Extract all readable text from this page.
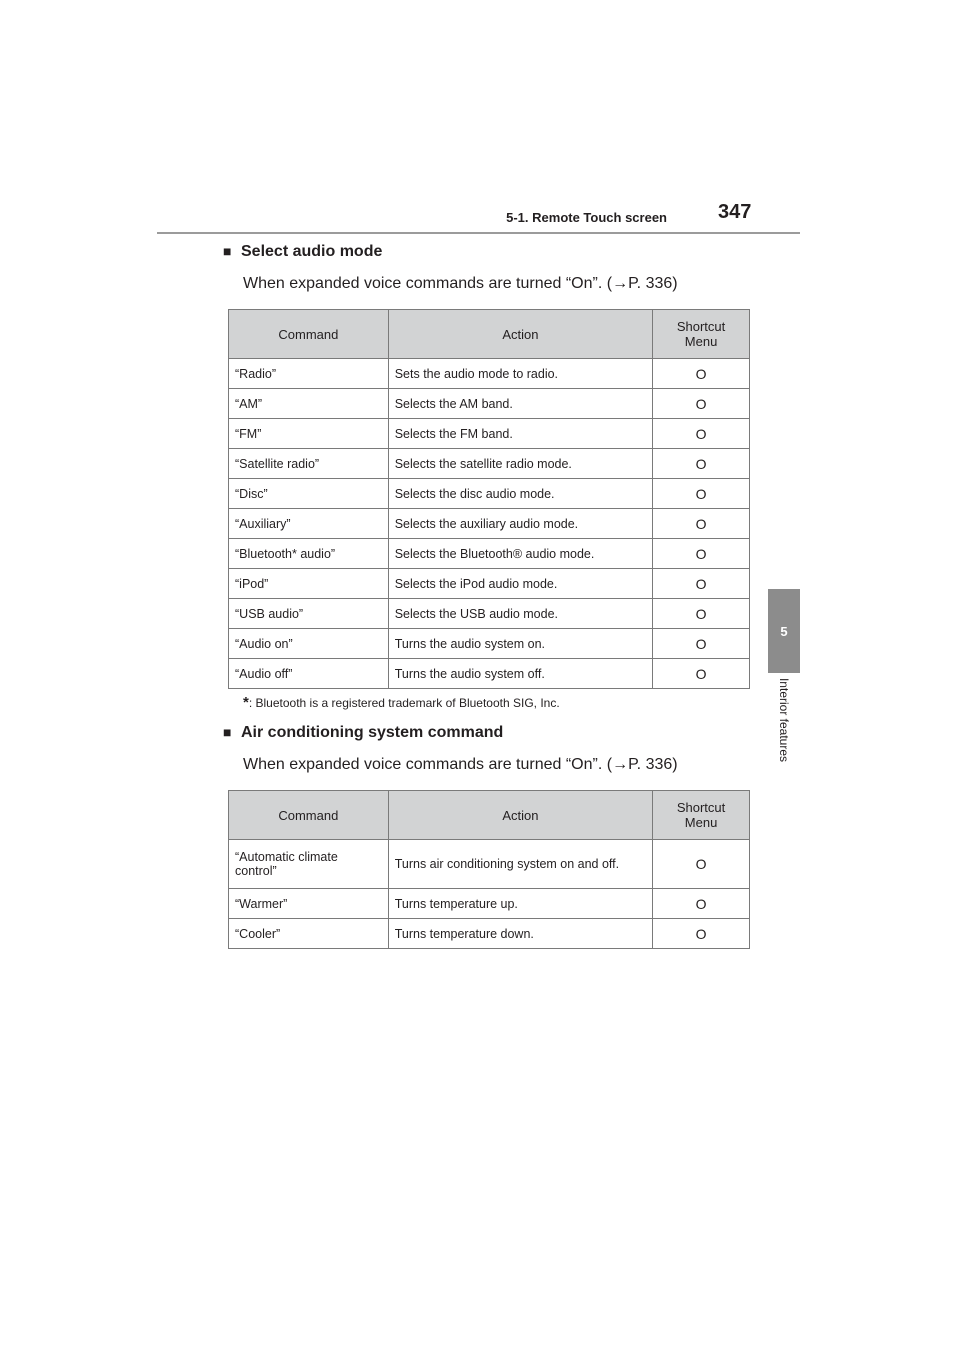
5-1. Remote Touch screen	347
5
Interior features
■ Select audio mode
When expanded voice commands are turned “On”. (→P. 336)
Command	Action	Shortcut Menu
“Radio”	Sets the audio mode to radio.	O
“AM”	Selects the AM band.	O
“FM”	Selects the FM band.	O
“Satellite radio”	Selects the satellite radio mode.	O
“Disc”	Selects the disc audio mode.	O
“Auxiliary”	Selects the auxiliary audio mode.	O
“Bluetooth* audio”	Selects the Bluetooth® audio mode.	O
“iPod”	Selects the iPod audio mode.	O
“USB audio”	Selects the USB audio mode.	O
“Audio on”	Turns the audio system on.	O
“Audio off”	Turns the audio system off.	O
*: Bluetooth is a registered trademark of Bluetooth SIG, Inc.
■ Air conditioning system command
When expanded voice commands are turned “On”. (→P. 336)
Command	Action	Shortcut Menu
“Automatic climate control”	Turns air conditioning system on and off.	O
“Warmer”	Turns temperature up.	O
“Cooler”	Turns temperature down.	O
